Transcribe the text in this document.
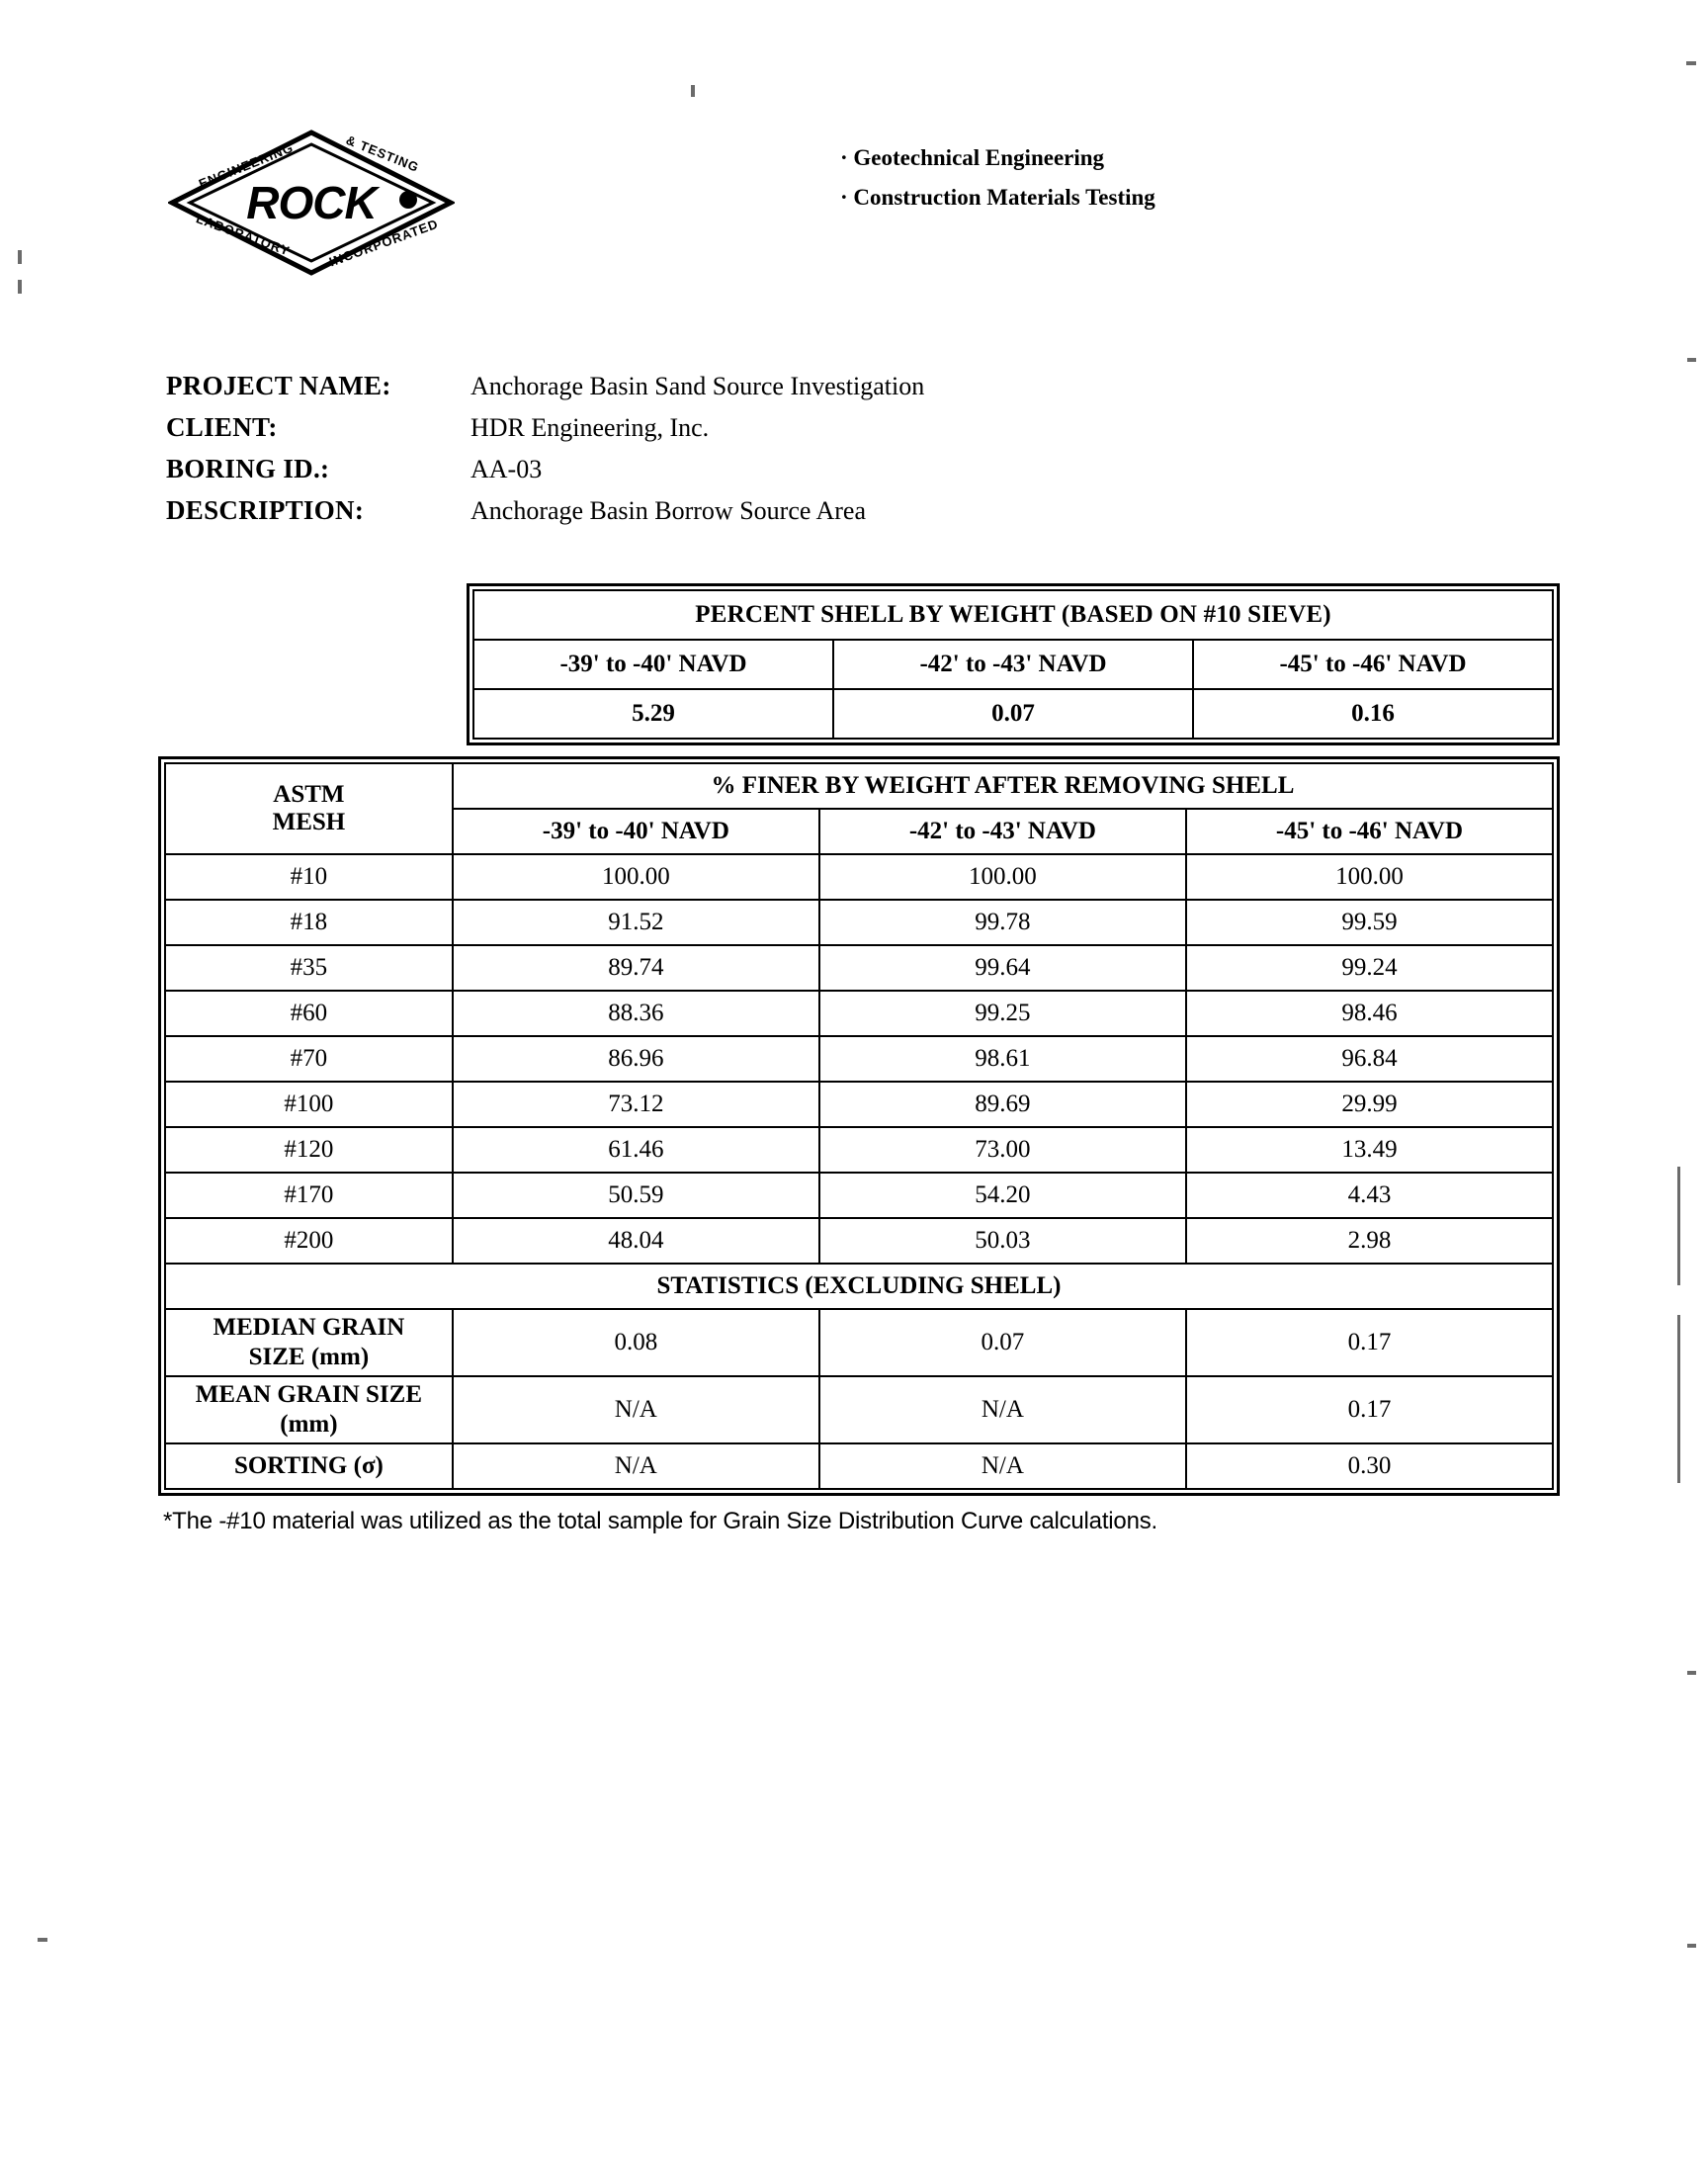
ROCK
ENGINEERING	& TESTING
LABORATORY	INCORPORATED
· Geotechnical Engineering
· Construction Materials Testing
PROJECT NAME:	Anchorage Basin Sand Source Investigation
CLIENT:	HDR Engineering, Inc.
BORING ID.:	AA-03
DESCRIPTION:	Anchorage Basin Borrow Source Area
PERCENT SHELL BY WEIGHT (BASED ON #10 SIEVE)		
-39' to -40' NAVD	-42' to -43' NAVD	-45' to -46' NAVD
5.29	0.07	0.16
ASTM
MESH	% FINER BY WEIGHT AFTER REMOVING SHELL		
	-39' to -40' NAVD	-42' to -43' NAVD	-45' to -46' NAVD
#10	100.00	100.00	100.00
#18	91.52	99.78	99.59
#35	89.74	99.64	99.24
#60	88.36	99.25	98.46
#70	86.96	98.61	96.84
#100	73.12	89.69	29.99
#120	61.46	73.00	13.49
#170	50.59	54.20	4.43
#200	48.04	50.03	2.98
STATISTICS (EXCLUDING SHELL)			

MEDIAN GRAIN
SIZE (mm)	0.08	0.07	0.17

MEAN GRAIN SIZE
(mm)	N/A	N/A	0.17

SORTING (σ)	N/A	N/A	0.30
*The -#10 material was utilized as the total sample for Grain Size Distribution Curve calculations.
